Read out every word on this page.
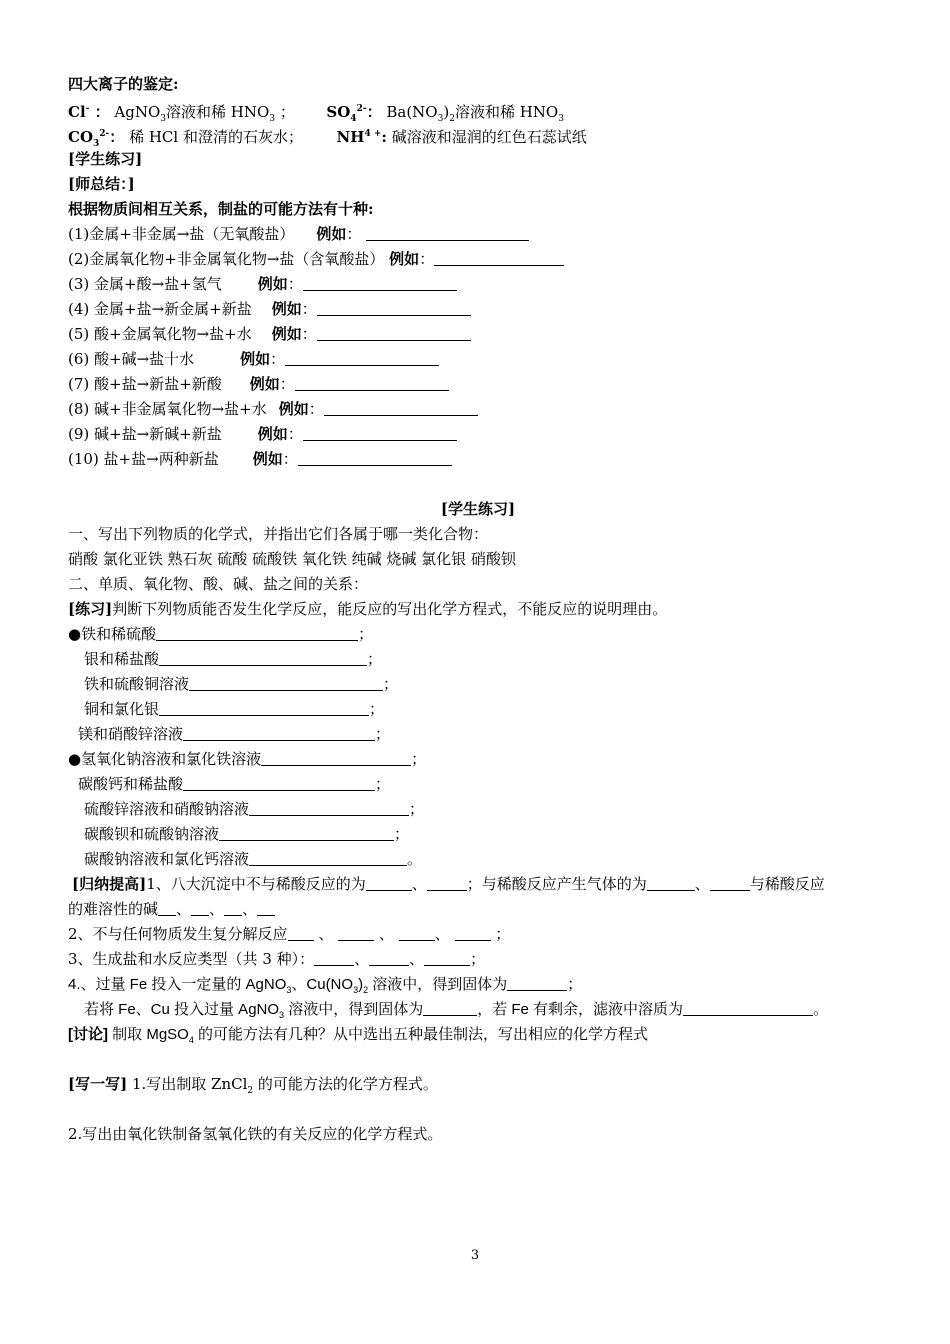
四大离子的鉴定:
Cl- ： AgNO$_3$溶液和稀 $HNO_3$ ； $SO_4^{2-}$： $Ba(NO_3)_2$溶液和稀 $HNO_3$
$CO_3^{2-}$： 稀 HCl 和澄清的石灰水； $NH^{4 +}$: 碱溶液和湿润的红色石蕊试纸
[学生练习]
[师总结：]
根据物质间相互关系，制盐的可能方法有十种:
(1)金属+非金属→盐（无氧酸盐） 例如：
(2)金属氧化物+非金属氧化物→盐（含氧酸盐） 例如：
(3) 金属+酸→盐+氢气 例如：
(4) 金属+盐→新金属+新盐 例如：
(5) 酸+金属氧化物→盐+水 例如：
(6) 酸+碱→盐十水	例如：
(7) 酸+盐→新盐+新酸 例如：
(8) 碱+非金属氧化物→盐+水 例如：
(9) 碱+盐→新碱+新盐 例如：
(10) 盐+盐→两种新盐 例如：
[学生练习]
一、写出下列物质的化学式，并指出它们各属于哪一类化合物：
硝酸 氯化亚铁 熟石灰 硫酸 硫酸铁 氧化铁 纯碱 烧碱 氯化银 硝酸钡
二、单质、氧化物、酸、碱、盐之间的关系：
[练习]判断下列物质能否发生化学反应，能反应的写出化学方程式，不能反应的说明理由。
●铁和稀硫酸	；
银和稀盐酸	；
铁和硫酸铜溶液	；
铜和氯化银	；
镁和硝酸锌溶液	；
●氢氧化钠溶液和氯化铁溶液	；
碳酸钙和稀盐酸	；
硫酸锌溶液和硝酸钠溶液	；
碳酸钡和硫酸钠溶液	；
碳酸钠溶液和氯化钙溶液	。
[归纳提高]1、八大沉淀中不与稀酸反应的为	、	；与稀酸反应产生气体的为	、	与稀酸反应
的难溶性的碱 、 、 、
2、不与任何物质发生复分解反应 、	、	、	；
3、生成盐和水反应类型（共 3 种）：	、	、	；
4.、过量 Fe 投入一定量的 AgNO$_3$、$Cu(NO_3)_2$ 溶液中，得到固体为	；
若将 Fe、Cu 投入过量 AgNO$_3$ 溶液中，得到固体为	，若 Fe 有剩余，滤液中溶质为	。
[讨论] 制取 MgSO$_4$ 的可能方法有几种？从中选出五种最佳制法，写出相应的化学方程式
[写一写] 1.写出制取 ZnCl$_2$ 的可能方法的化学方程式。
2.写出由氧化铁制备氢氧化铁的有关反应的化学方程式。
3
